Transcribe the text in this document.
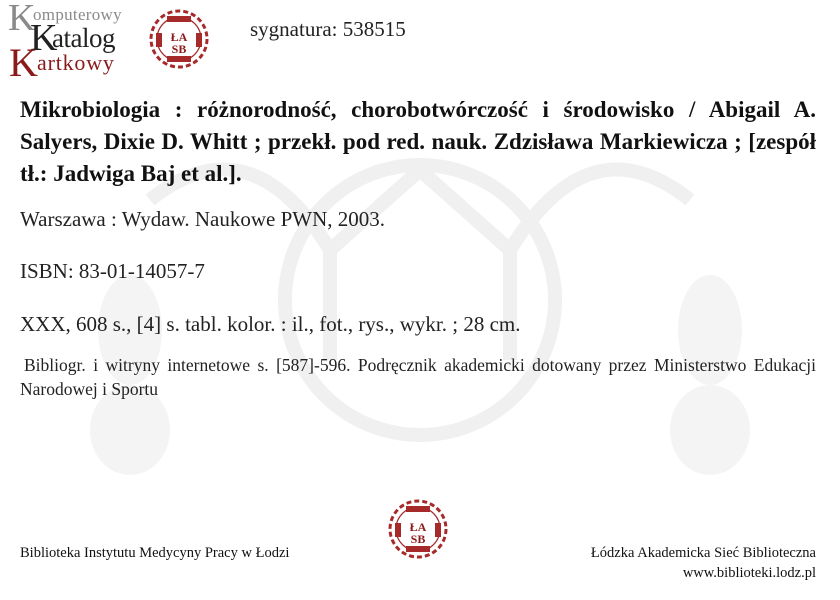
K
omputerowy
K
atalog
K artkowy
ŁA
SB
sygnatura: 538515
Mikrobiologia : różnorodność, chorobotwórczość i środowisko / Abigail A. Salyers, Dixie D. Whitt ; przekł. pod red. nauk. Zdzisława Markiewicza ; [zespół tł.: Jadwiga Baj et al.].
Warszawa : Wydaw. Naukowe PWN, 2003.
ISBN: 83-01-14057-7
XXX, 608 s., [4] s. tabl. kolor. : il., fot., rys., wykr. ; 28 cm.
Bibliogr. i witryny internetowe s. [587]-596. Podręcznik akademicki dotowany przez Ministerstwo Edukacji Narodowej i Sportu
ŁA
SB
Biblioteka Instytutu Medycyny Pracy w Łodzi	Łódzka Akademicka Sieć Biblioteczna
www.biblioteki.lodz.pl
